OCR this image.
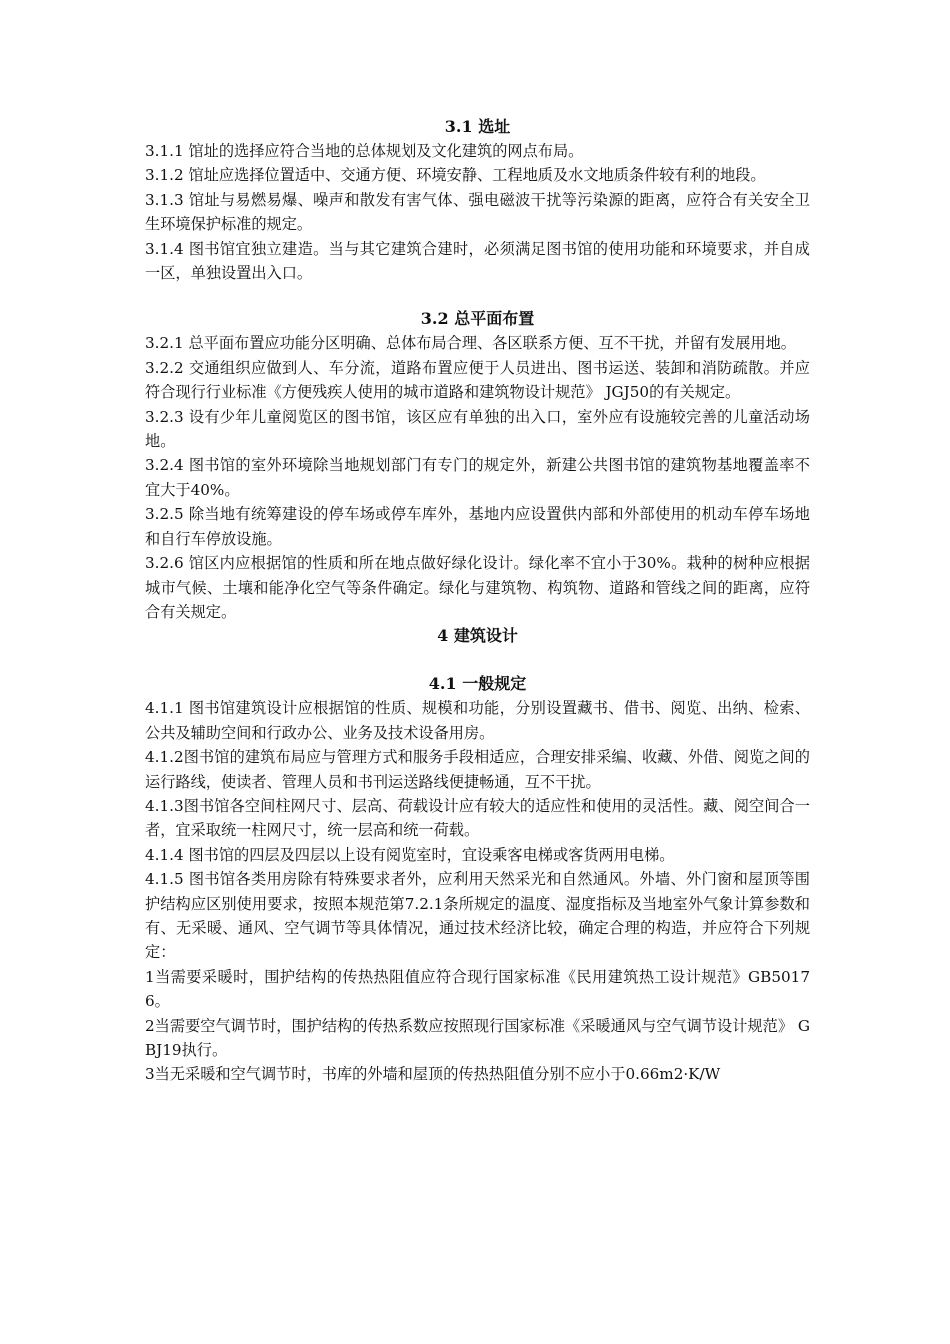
3.1 选址

3.1.1 馆址的选择应符合当地的总体规划及文化建筑的网点布局。

3.1.2 馆址应选择位置适中、交通方便、环境安静、工程地质及水文地质条件较有利的地段。

3.1.3 馆址与易燃易爆、噪声和散发有害气体、强电磁波干扰等污染源的距离，应符合有关安全卫生环境保护标准的规定。

3.1.4 图书馆宜独立建造。当与其它建筑合建时，必须满足图书馆的使用功能和环境要求，并自成一区，单独设置出入口。

3.2 总平面布置

3.2.1 总平面布置应功能分区明确、总体布局合理、各区联系方便、互不干扰，并留有发展用地。

3.2.2 交通组织应做到人、车分流，道路布置应便于人员进出、图书运送、装卸和消防疏散。并应符合现行行业标准《方便残疾人使用的城市道路和建筑物设计规范》 JGJ50的有关规定。

3.2.3 设有少年儿童阅览区的图书馆，该区应有单独的出入口，室外应有设施较完善的儿童活动场地。

3.2.4 图书馆的室外环境除当地规划部门有专门的规定外，新建公共图书馆的建筑物基地覆盖率不宜大于40%。

3.2.5 除当地有统筹建设的停车场或停车库外，基地内应设置供内部和外部使用的机动车停车场地和自行车停放设施。

3.2.6 馆区内应根据馆的性质和所在地点做好绿化设计。绿化率不宜小于30%。栽种的树种应根据城市气候、土壤和能净化空气等条件确定。绿化与建筑物、构筑物、道路和管线之间的距离，应符合有关规定。

4 建筑设计
4.1 一般规定

4.1.1 图书馆建筑设计应根据馆的性质、规模和功能，分别设置藏书、借书、阅览、出纳、检索、公共及辅助空间和行政办公、业务及技术设备用房。

4.1.2图书馆的建筑布局应与管理方式和服务手段相适应，合理安排采编、收藏、外借、阅览之间的运行路线，使读者、管理人员和书刊运送路线便捷畅通，互不干扰。

4.1.3图书馆各空间柱网尺寸、层高、荷载设计应有较大的适应性和使用的灵活性。藏、阅空间合一者，宜采取统一柱网尺寸，统一层高和统一荷载。

4.1.4 图书馆的四层及四层以上设有阅览室时，宜设乘客电梯或客货两用电梯。

4.1.5 图书馆各类用房除有特殊要求者外，应利用天然采光和自然通风。外墙、外门窗和屋顶等围护结构应区别使用要求，按照本规范第7.2.1条所规定的温度、湿度指标及当地室外气象计算参数和有、无采暖、通风、空气调节等具体情况，通过技术经济比较，确定合理的构造，并应符合下列规定：

1当需要采暖时，围护结构的传热热阻值应符合现行国家标准《民用建筑热工设计规范》GB50176。

2当需要空气调节时，围护结构的传热系数应按照现行国家标准《采暖通风与空气调节设计规范》 GBJ19执行。

3当无采暖和空气调节时，书库的外墙和屋顶的传热热阻值分别不应小于0.66m2·K/W
